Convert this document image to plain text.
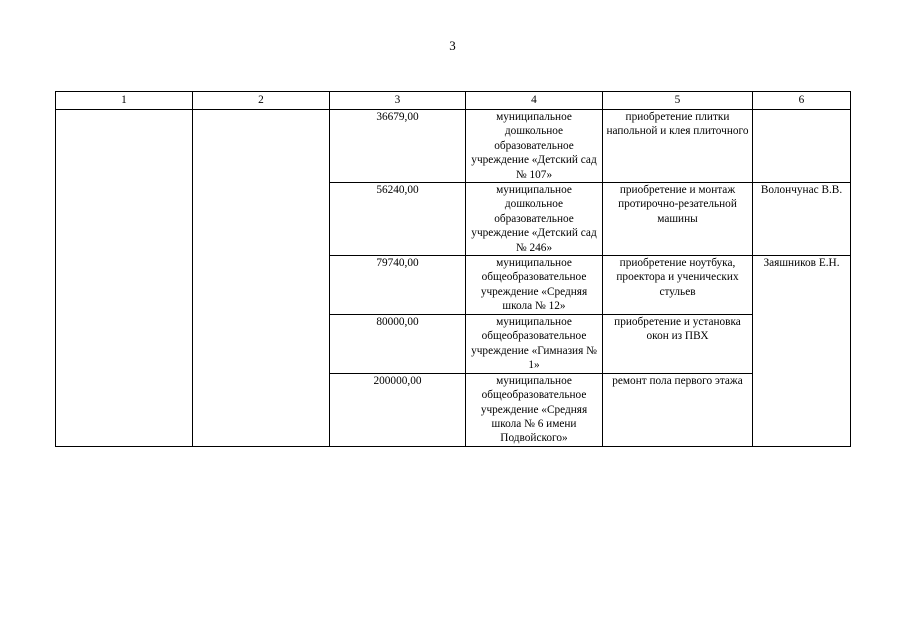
3
1	2	3	4	5	6
		36679,00	муниципальное дошкольное образовательное учреждение «Детский сад № 107»	приобретение плитки напольной и клея плиточного	
		56240,00	муниципальное дошкольное образовательное учреждение «Детский сад № 246»	приобретение и монтаж протирочно-резательной машины	Волончунас В.В.
		79740,00	муниципальное общеобразовательное учреждение «Средняя школа № 12»	приобретение ноутбука, проектора и ученических стульев	Заяшников Е.Н.
		80000,00	муниципальное общеобразовательное учреждение «Гимназия № 1»	приобретение и установка окон из ПВХ	
		200000,00	муниципальное общеобразовательное учреждение «Средняя школа № 6 имени Подвойского»	ремонт пола первого этажа	
